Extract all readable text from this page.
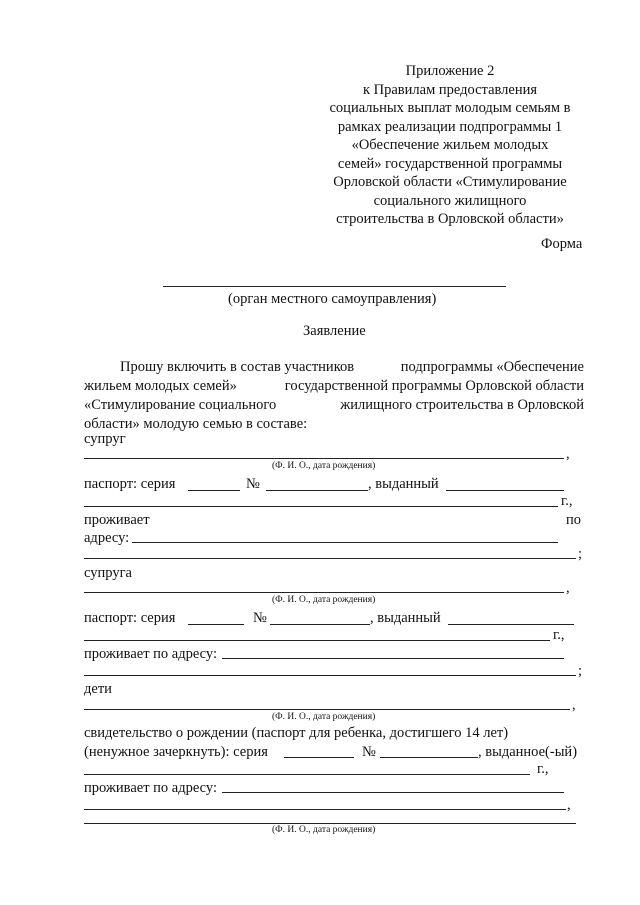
Приложение 2
к Правилам предоставления
социальных выплат молодым семьям в
рамках реализации подпрограммы 1
«Обеспечение жильем молодых
семей» государственной программы
Орловской области «Стимулирование
социального жилищного
строительства в Орловской области»
Форма
(орган местного самоуправления)
Заявление
Прошу включить в состав участников	подпрограммы «Обеспечение
жильем молодых семей»	государственной программы Орловской области
«Стимулирование социального	жилищного строительства в Орловской
области» молодую семью в составе:
супруг
,
(Ф. И. О., дата рождения)
паспорт: серия	№	, выданный
г.,
проживает	по
адресу:
;
супруга
,
(Ф. И. О., дата рождения)
паспорт: серия	№	, выданный
г.,
проживает по адресу:
;
дети
,
(Ф. И. О., дата рождения)
свидетельство о рождении (паспорт для ребенка, достигшего 14 лет)
(ненужное зачеркнуть): серия	№	, выданное(-ый)
г.,
проживает по адресу:
,
(Ф. И. О., дата рождения)
